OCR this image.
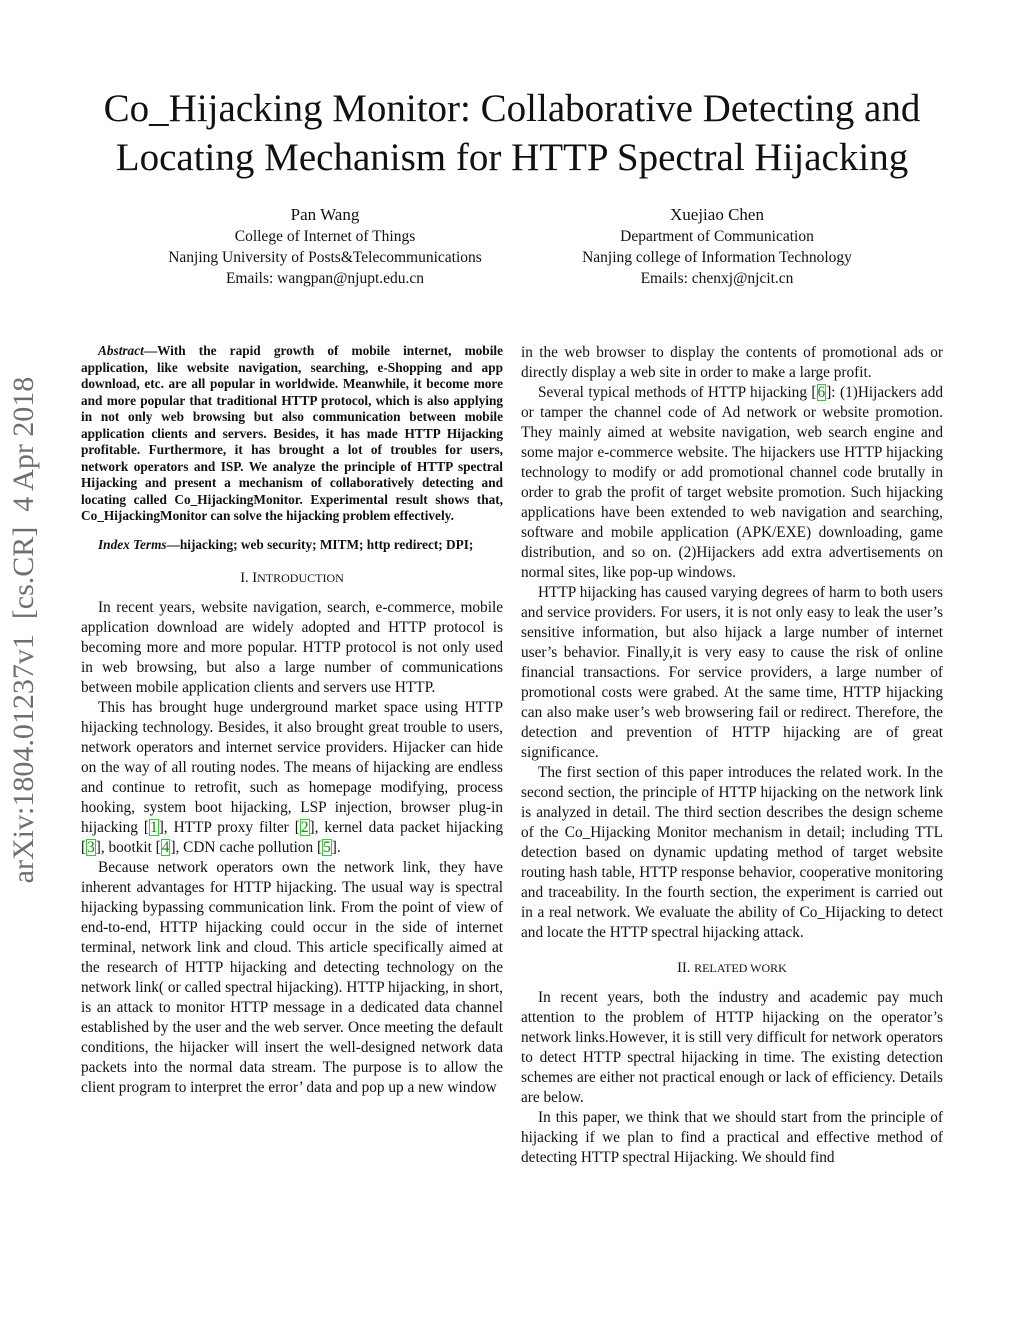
Co_Hijacking Monitor: Collaborative Detecting and Locating Mechanism for HTTP Spectral Hijacking
Pan Wang
College of Internet of Things
Nanjing University of Posts&Telecommunications
Emails: wangpan@njupt.edu.cn
Xuejiao Chen
Department of Communication
Nanjing college of Information Technology
Emails: chenxj@njcit.cn
arXiv:1804.01237v1  [cs.CR]  4 Apr 2018

Abstract—With the rapid growth of mobile internet, mobile application, like website navigation, searching, e-Shopping and app download, etc. are all popular in worldwide. Meanwhile, it become more and more popular that traditional HTTP protocol, which is also applying in not only web browsing but also communication between mobile application clients and servers. Besides, it has made HTTP Hijacking profitable. Furthermore, it has brought a lot of troubles for users, network operators and ISP. We analyze the principle of HTTP spectral Hijacking and present a mechanism of collaboratively detecting and locating called Co_HijackingMonitor. Experimental result shows that, Co_HijackingMonitor can solve the hijacking problem effectively.

Index Terms—hijacking; web security; MITM; http redirect; DPI;

I. INTRODUCTION

In recent years, website navigation, search, e-commerce, mobile application download are widely adopted and HTTP protocol is becoming more and more popular. HTTP protocol is not only used in web browsing, but also a large number of communications between mobile application clients and servers use HTTP.

This has brought huge underground market space using HTTP hijacking technology. Besides, it also brought great trouble to users, network operators and internet service providers. Hijacker can hide on the way of all routing nodes. The means of hijacking are endless and continue to retrofit, such as homepage modifying, process hooking, system boot hijacking, LSP injection, browser plug-in hijacking [1], HTTP proxy filter [2], kernel data packet hijacking [3], bootkit [4], CDN cache pollution [5].

Because network operators own the network link, they have inherent advantages for HTTP hijacking. The usual way is spectral hijacking bypassing communication link. From the point of view of end-to-end, HTTP hijacking could occur in the side of internet terminal, network link and cloud. This article specifically aimed at the research of HTTP hijacking and detecting technology on the network link( or called spectral hijacking). HTTP hijacking, in short, is an attack to monitor HTTP message in a dedicated data channel established by the user and the web server. Once meeting the default conditions, the hijacker will insert the well-designed network data packets into the normal data stream. The purpose is to allow the client program to interpret the error’ data and pop up a new window

in the web browser to display the contents of promotional ads or directly display a web site in order to make a large profit.

Several typical methods of HTTP hijacking [6]: (1)Hijackers add or tamper the channel code of Ad network or website promotion. They mainly aimed at website navigation, web search engine and some major e-commerce website. The hijackers use HTTP hijacking technology to modify or add promotional channel code brutally in order to grab the profit of target website promotion. Such hijacking applications have been extended to web navigation and searching, software and mobile application (APK/EXE) downloading, game distribution, and so on. (2)Hijackers add extra advertisements on normal sites, like pop-up windows.

HTTP hijacking has caused varying degrees of harm to both users and service providers. For users, it is not only easy to leak the user’s sensitive information, but also hijack a large number of internet user’s behavior. Finally,it is very easy to cause the risk of online financial transactions. For service providers, a large number of promotional costs were grabed. At the same time, HTTP hijacking can also make user’s web browsering fail or redirect. Therefore, the detection and prevention of HTTP hijacking are of great significance.

The first section of this paper introduces the related work. In the second section, the principle of HTTP hijacking on the network link is analyzed in detail. The third section describes the design scheme of the Co_Hijacking Monitor mechanism in detail; including TTL detection based on dynamic updating method of target website routing hash table, HTTP response behavior, cooperative monitoring and traceability. In the fourth section, the experiment is carried out in a real network. We evaluate the ability of Co_Hijacking to detect and locate the HTTP spectral hijacking attack.

II. RELATED WORK

In recent years, both the industry and academic pay much attention to the problem of HTTP hijacking on the operator’s network links.However, it is still very difficult for network operators to detect HTTP spectral hijacking in time. The existing detection schemes are either not practical enough or lack of efficiency. Details are below.

In this paper, we think that we should start from the principle of hijacking if we plan to find a practical and effective method of detecting HTTP spectral Hijacking. We should find
